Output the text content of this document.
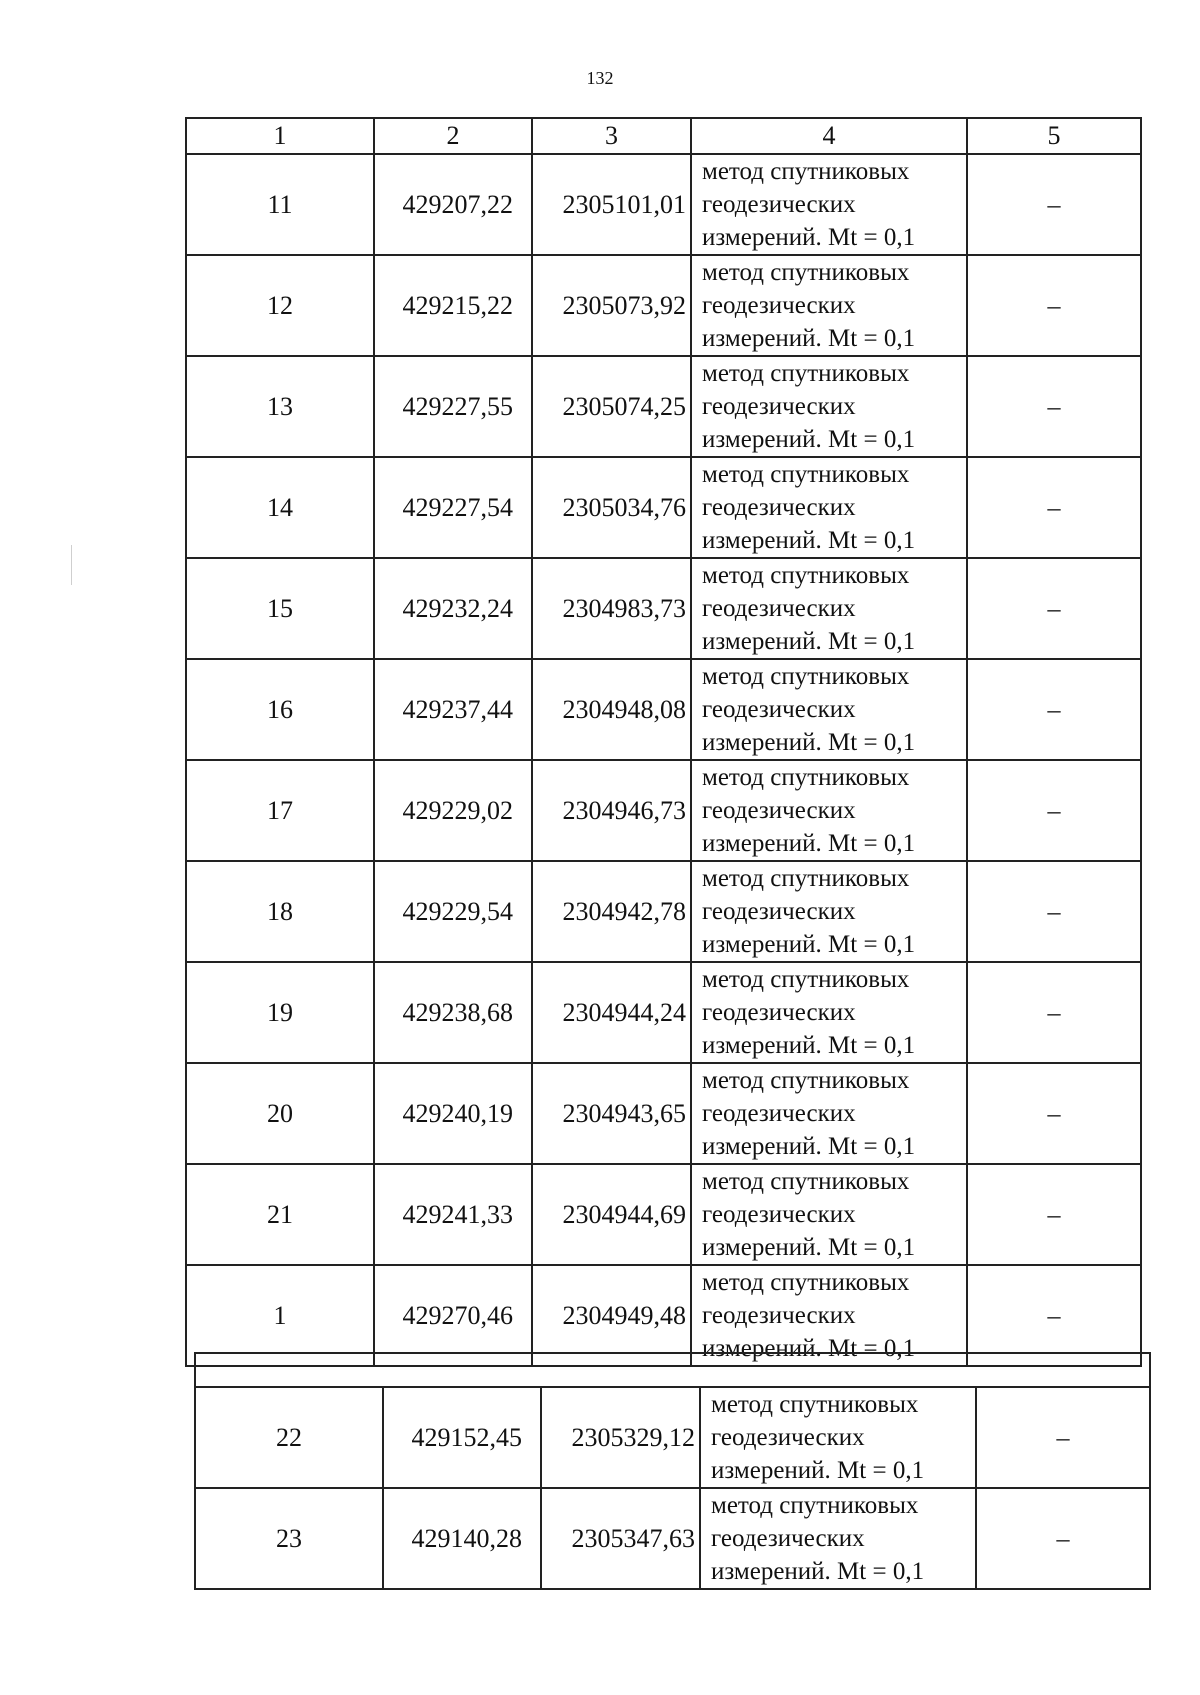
132
1	2	3	4	5
11	429207,22	2305101,01	метод спутниковых
геодезических
измерений. Mt = 0,1	–
12	429215,22	2305073,92	метод спутниковых
геодезических
измерений. Mt = 0,1	–
13	429227,55	2305074,25	метод спутниковых
геодезических
измерений. Mt = 0,1	–
14	429227,54	2305034,76	метод спутниковых
геодезических
измерений. Mt = 0,1	–
15	429232,24	2304983,73	метод спутниковых
геодезических
измерений. Mt = 0,1	–
16	429237,44	2304948,08	метод спутниковых
геодезических
измерений. Mt = 0,1	–
17	429229,02	2304946,73	метод спутниковых
геодезических
измерений. Mt = 0,1	–
18	429229,54	2304942,78	метод спутниковых
геодезических
измерений. Mt = 0,1	–
19	429238,68	2304944,24	метод спутниковых
геодезических
измерений. Mt = 0,1	–
20	429240,19	2304943,65	метод спутниковых
геодезических
измерений. Mt = 0,1	–
21	429241,33	2304944,69	метод спутниковых
геодезических
измерений. Mt = 0,1	–
1	429270,46	2304949,48	метод спутниковых
геодезических
измерений. Mt = 0,1	–

22	429152,45	2305329,12	метод спутниковых
геодезических
измерений. Mt = 0,1	–
23	429140,28	2305347,63	метод спутниковых
геодезических
измерений. Mt = 0,1	–
